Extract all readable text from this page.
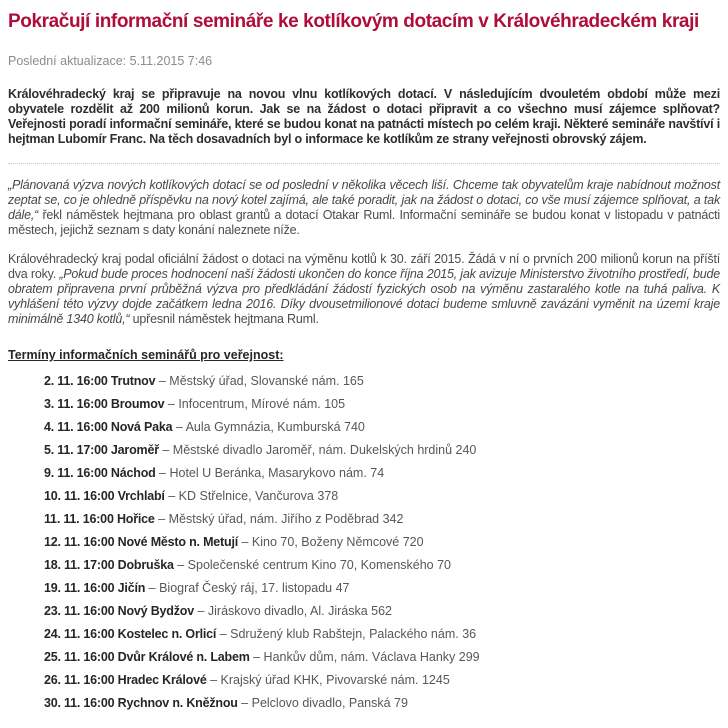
Pokračují informační semináře ke kotlíkovým dotacím v Královéhradeckém kraji

Poslední aktualizace: 5.11.2015 7:46

Královéhradecký kraj se připravuje na novou vlnu kotlíkových dotací. V následujícím dvouletém období může mezi obyvatele rozdělit až 200 milionů korun. Jak se na žádost o dotaci připravit a co všechno musí zájemce splňovat? Veřejnosti poradí informační semináře, které se budou konat na patnácti místech po celém kraji. Některé semináře navštíví i hejtman Lubomír Franc. Na těch dosavadních byl o informace ke kotlíkům ze strany veřejnosti obrovský zájem.

„Plánovaná výzva nových kotlíkových dotací se od poslední v několika věcech liší. Chceme tak obyvatelům kraje nabídnout možnost zeptat se, co je ohledně příspěvku na nový kotel zajímá, ale také poradit, jak na žádost o dotaci, co vše musí zájemce splňovat, a tak dále,“ řekl náměstek hejtmana pro oblast grantů a dotací Otakar Ruml. Informační semináře se budou konat v listopadu v patnácti městech, jejichž seznam s daty konání naleznete níže.

Královéhradecký kraj podal oficiální žádost o dotaci na výměnu kotlů k 30. září 2015. Žádá v ní o prvních 200 milionů korun na příští dva roky. „Pokud bude proces hodnocení naší žádosti ukončen do konce října 2015, jak avizuje Ministerstvo životního prostředí, bude obratem připravena první průběžná výzva pro předkládání žádostí fyzických osob na výměnu zastaralého kotle na tuhá paliva. K vyhlášení této výzvy dojde začátkem ledna 2016. Díky dvousetmilionové dotaci budeme smluvně zavázáni vyměnit na území kraje minimálně 1340 kotlů,“ upřesnil náměstek hejtmana Ruml.

Termíny informačních seminářů pro veřejnost:

2. 11. 16:00 Trutnov – Městský úřad, Slovanské nám. 165

3. 11. 16:00 Broumov – Infocentrum, Mírové nám. 105

4. 11. 16:00 Nová Paka – Aula Gymnázia, Kumburská 740

5. 11. 17:00 Jaroměř – Městské divadlo Jaroměř, nám. Dukelských hrdinů 240

9. 11. 16:00 Náchod – Hotel U Beránka, Masarykovo nám. 74

10. 11. 16:00 Vrchlabí – KD Střelnice, Vančurova 378

11. 11. 16:00 Hořice – Městský úřad, nám. Jiřího z Poděbrad 342

12. 11. 16:00 Nové Město n. Metují – Kino 70, Boženy Němcové 720

18. 11. 17:00 Dobruška – Společenské centrum Kino 70, Komenského 70

19. 11. 16:00 Jičín – Biograf Český ráj, 17. listopadu 47

23. 11. 16:00 Nový Bydžov – Jiráskovo divadlo, Al. Jiráska 562

24. 11. 16:00 Kostelec n. Orlicí – Sdružený klub Rabštejn, Palackého nám. 36

25. 11. 16:00 Dvůr Králové n. Labem – Hankův dům, nám. Václava Hanky 299

26. 11. 16:00 Hradec Králové – Krajský úřad KHK, Pivovarské nám. 1245

30. 11. 16:00 Rychnov n. Kněžnou – Pelclovo divadlo, Panská 79
